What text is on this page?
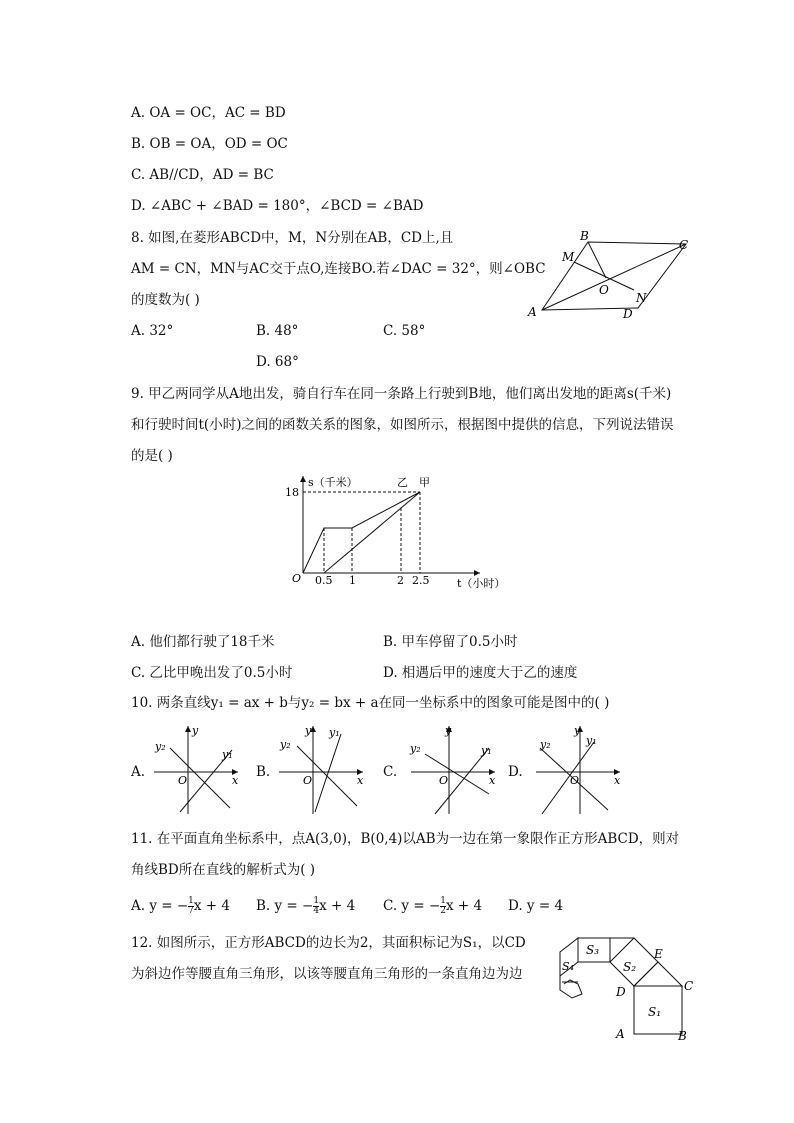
A. OA = OC，AC = BD
B. OB = OA，OD = OC
C. AB//CD，AD = BC
D. ∠ABC + ∠BAD = 180°，∠BCD = ∠BAD
8. 如图,在菱形ABCD中，M，N分别在AB，CD上,且
AM = CN，MN与AC交于点O,连接BO.若∠DAC = 32°，则∠OBC
的度数为( )
A. 32°	B. 48°	C. 58°
D. 68°
B
C
M
O
N
A	D
9. 甲乙两同学从A地出发，骑自行车在同一条路上行驶到B地，他们离出发地的距离s(千米)
和行驶时间t(小时)之间的函数关系的图象，如图所示，根据图中提供的信息，下列说法错误
的是( )
s（千米）
18
O 0.5 1	2 2.5	t（小时）
乙 甲
A. 他们都行驶了18千米	B. 甲车停留了0.5小时
C. 乙比甲晚出发了0.5小时	D. 相遇后甲的速度大于乙的速度
10. 两条直线y₁ = ax + b与y₂ = bx + a在同一坐标系中的图象可能是图中的( )
A.	B.	C.	D.
y
x
O
y₂
y₁
y
x
O
y₂
y₁	y
x
O
y₂	y₁
y
x
O
y₂	y₁
11. 在平面直角坐标系中，点A(3,0)，B(0,4)以AB为一边在第一象限作正方形ABCD，则对
角线BD所在直线的解析式为( )
A. y = − $\frac{1}{7}$ x + 4 B. y = − $\frac{1}{4}$ x + 4 C. y = − $\frac{1}{2}$ x + 4 D. y = 4
12. 如图所示，正方形ABCD的边长为2，其面积标记为S₁，以CD
为斜边作等腰直角三角形，以该等腰直角三角形的一条直角边为边
S₁
S₂
S₃
S₄
E
D	C
A	B
